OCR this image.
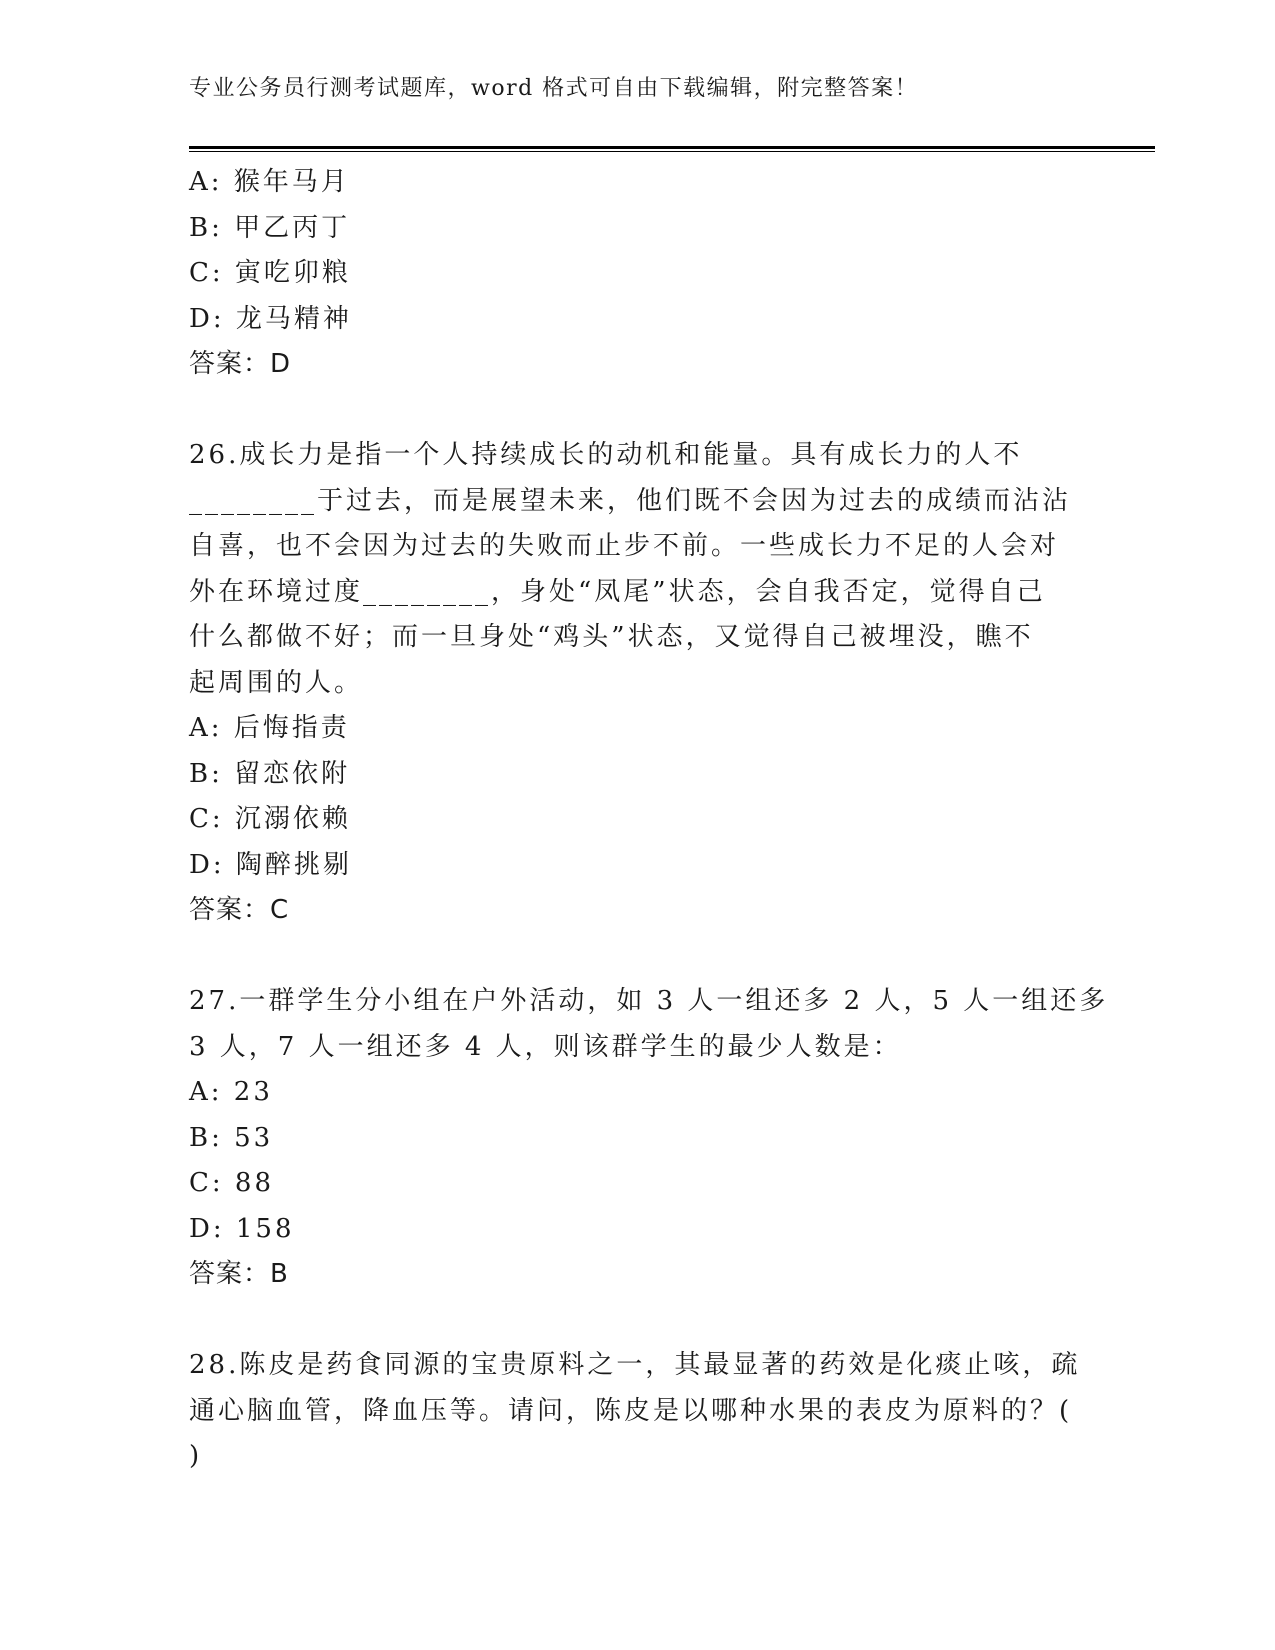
专业公务员行测考试题库，word 格式可自由下载编辑，附完整答案！
A: 猴年马月
B: 甲乙丙丁
C: 寅吃卯粮
D: 龙马精神
答案：D
26.成长力是指一个人持续成长的动机和能量。具有成长力的人不
________于过去，而是展望未来，他们既不会因为过去的成绩而沾沾
自喜，也不会因为过去的失败而止步不前。一些成长力不足的人会对
外在环境过度________，身处“凤尾”状态，会自我否定，觉得自己
什么都做不好；而一旦身处“鸡头”状态，又觉得自己被埋没，瞧不
起周围的人。
A: 后悔指责
B: 留恋依附
C: 沉溺依赖
D: 陶醉挑剔
答案：C
27.一群学生分小组在户外活动，如 3 人一组还多 2 人，5 人一组还多
3 人，7 人一组还多 4 人，则该群学生的最少人数是：
A: 23
B: 53
C: 88
D: 158
答案：B
28.陈皮是药食同源的宝贵原料之一，其最显著的药效是化痰止咳，疏
通心脑血管，降血压等。请问，陈皮是以哪种水果的表皮为原料的？(
)
